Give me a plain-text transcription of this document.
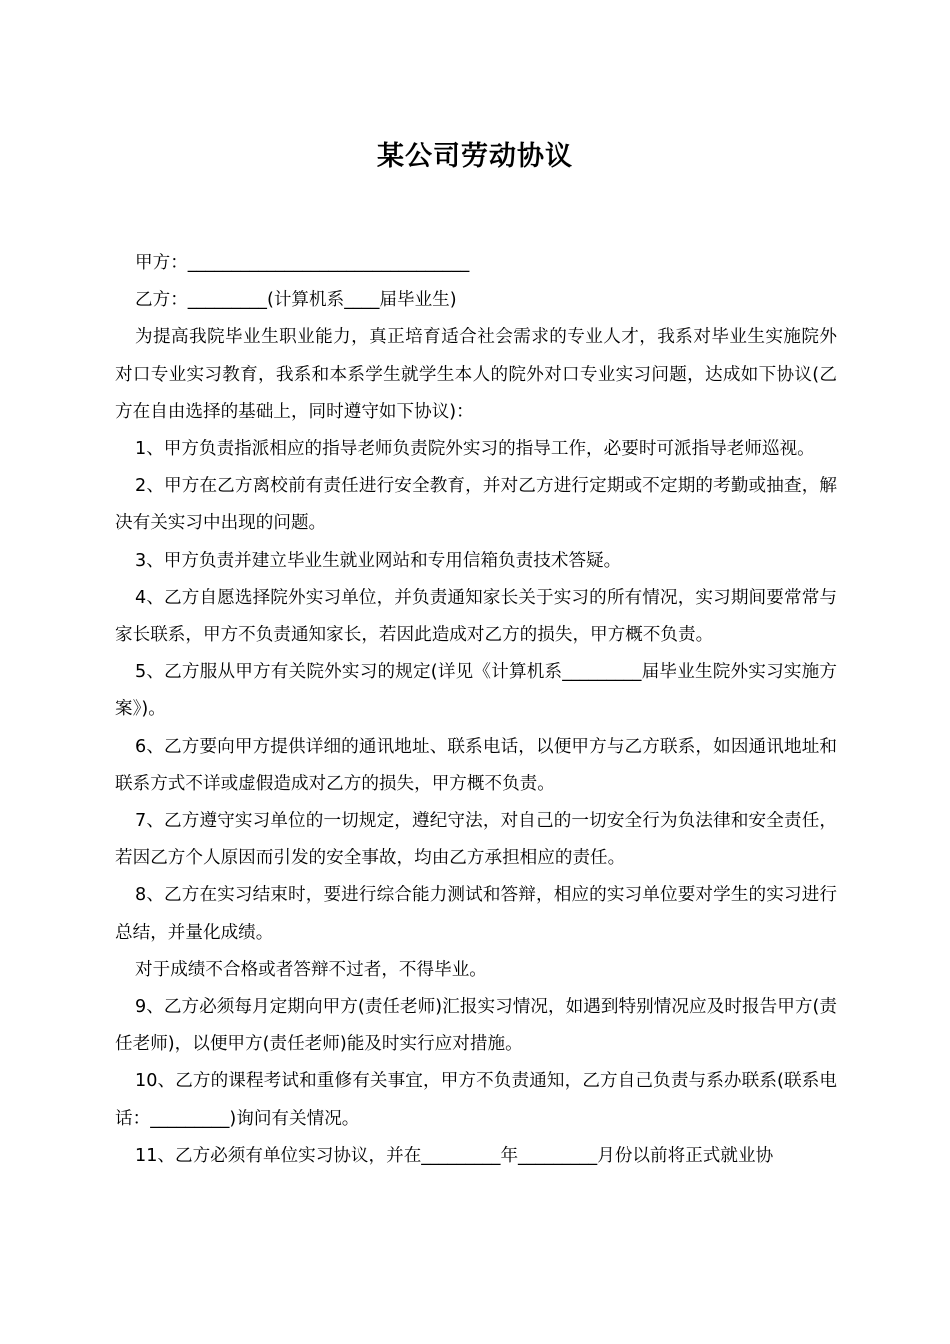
某公司劳动协议

甲方：________________________________

乙方：_________(计算机系____届毕业生)

为提高我院毕业生职业能力，真正培育适合社会需求的专业人才，我系对毕业生实施院外对口专业实习教育，我系和本系学生就学生本人的院外对口专业实习问题，达成如下协议(乙方在自由选择的基础上，同时遵守如下协议)：

1、甲方负责指派相应的指导老师负责院外实习的指导工作，必要时可派指导老师巡视。

2、甲方在乙方离校前有责任进行安全教育，并对乙方进行定期或不定期的考勤或抽查，解决有关实习中出现的问题。

3、甲方负责并建立毕业生就业网站和专用信箱负责技术答疑。

4、乙方自愿选择院外实习单位，并负责通知家长关于实习的所有情况，实习期间要常常与家长联系，甲方不负责通知家长，若因此造成对乙方的损失，甲方概不负责。

5、乙方服从甲方有关院外实习的规定(详见《计算机系_________届毕业生院外实习实施方案》)。

6、乙方要向甲方提供详细的通讯地址、联系电话，以便甲方与乙方联系，如因通讯地址和联系方式不详或虚假造成对乙方的损失，甲方概不负责。

7、乙方遵守实习单位的一切规定，遵纪守法，对自己的一切安全行为负法律和安全责任，若因乙方个人原因而引发的安全事故，均由乙方承担相应的责任。

8、乙方在实习结束时，要进行综合能力测试和答辩，相应的实习单位要对学生的实习进行总结，并量化成绩。

对于成绩不合格或者答辩不过者，不得毕业。

9、乙方必须每月定期向甲方(责任老师)汇报实习情况，如遇到特别情况应及时报告甲方(责任老师)，以便甲方(责任老师)能及时实行应对措施。

10、乙方的课程考试和重修有关事宜，甲方不负责通知，乙方自己负责与系办联系(联系电话：_________)询问有关情况。

11、乙方必须有单位实习协议，并在_________年_________月份以前将正式就业协
